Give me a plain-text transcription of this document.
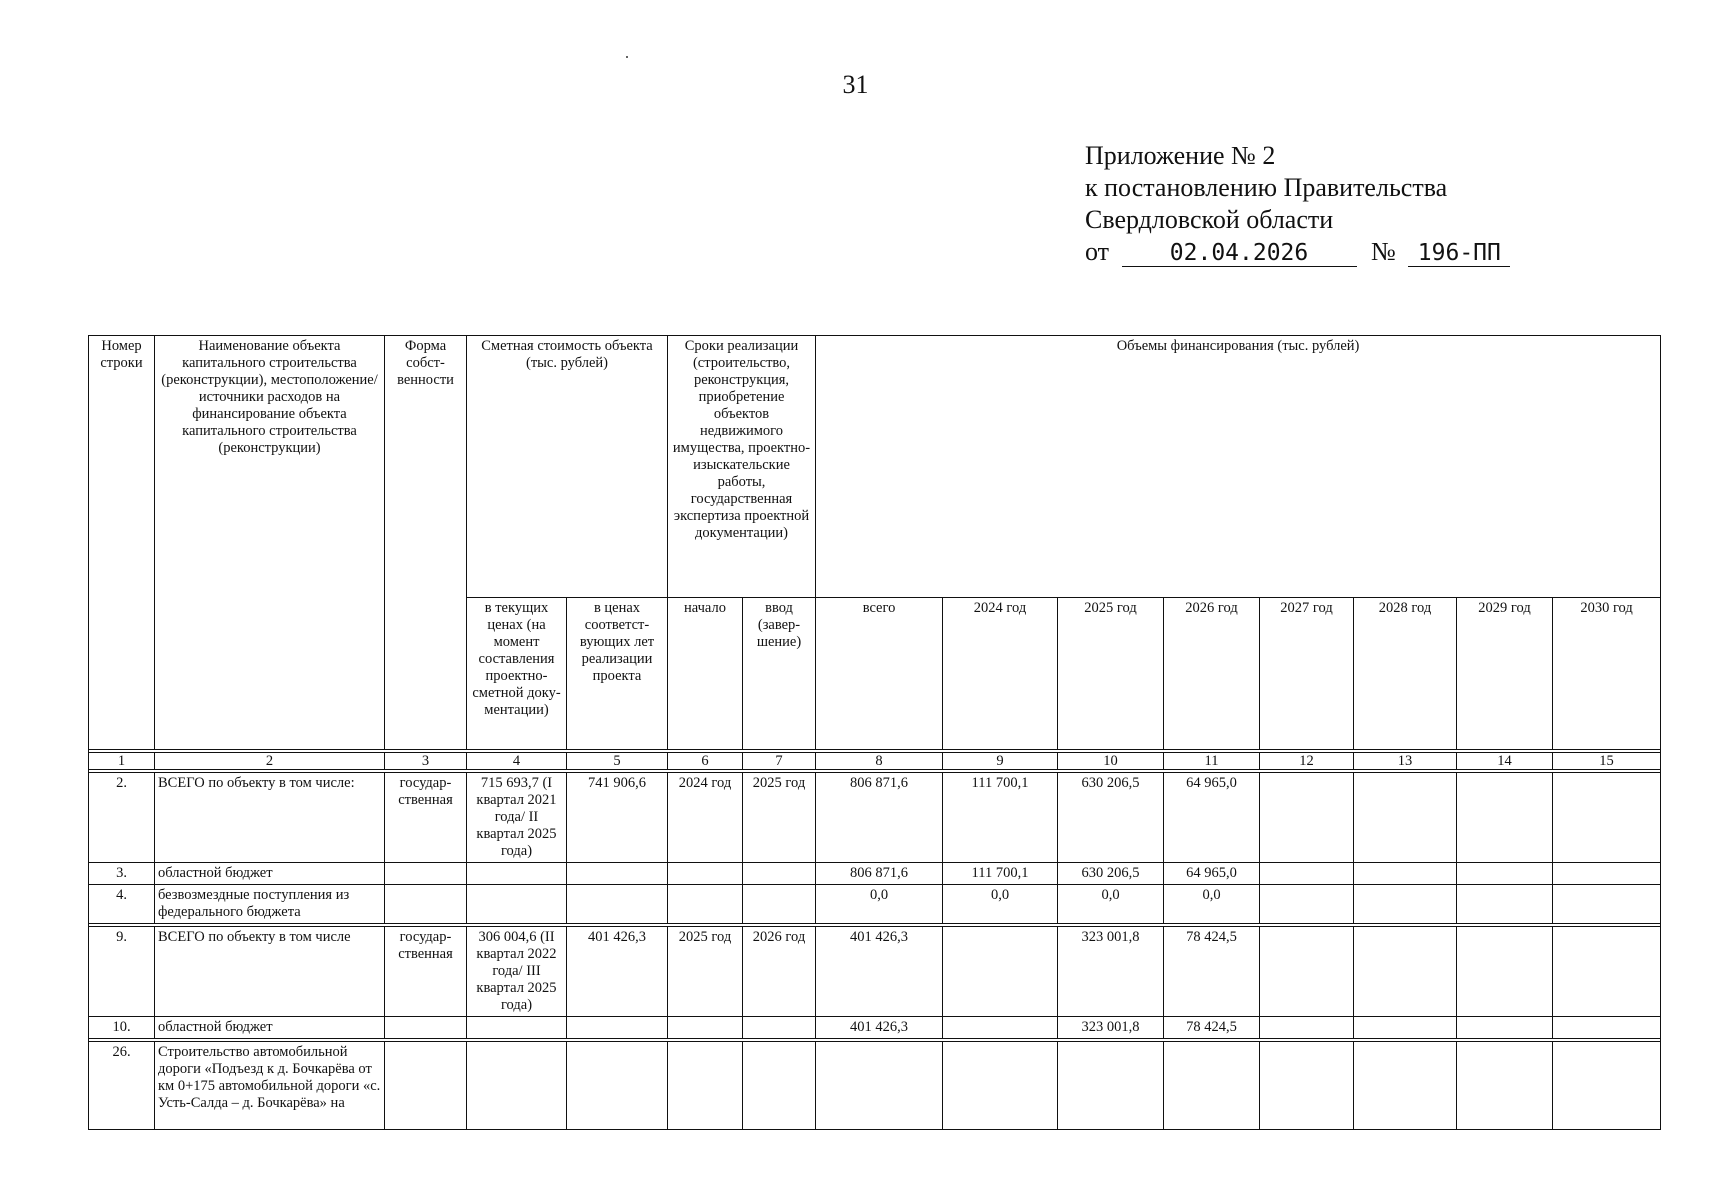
31
Приложение № 2
к постановлению Правительства
Свердловской области
от	02.04.2026 № 196-ПП
Номер строки	Наименование объекта капитального строительства (реконструкции), местоположение/источники расходов на финансирование объекта капитального строительства (реконструкции)	Форма собст-венности	Сметная стоимость объекта (тыс. рублей)		Сроки реализации (строительство, реконструкция, приобретение объектов недвижимого имущества, проектно-изыскательские работы, государственная экспертиза проектной документации)		Объемы финансирования (тыс. рублей)							
			в текущих ценах (на момент составления проектно-сметной доку-ментации)	в ценах соответст-вующих лет реализации проекта	начало	ввод (завер-шение)	всего	2024 год	2025 год	2026 год	2027 год	2028 год	2029 год	2030 год

1	2	3	4	5	6	7	8	9	10	11	12	13	14	15

2.	ВСЕГО по объекту в том числе:	государ-ственная	715 693,7 (I квартал 2021 года/ II квартал 2025 года)	741 906,6	2024 год	2025 год	806 871,6	111 700,1	630 206,5	64 965,0				
3.	областной бюджет						806 871,6	111 700,1	630 206,5	64 965,0				
4.	безвозмездные поступления из федерального бюджета						0,0	0,0	0,0	0,0				

9.	ВСЕГО по объекту в том числе	государ-ственная	306 004,6 (II квартал 2022 года/ III квартал 2025 года)	401 426,3	2025 год	2026 год	401 426,3		323 001,8	78 424,5				
10.	областной бюджет						401 426,3		323 001,8	78 424,5				

26.	Строительство автомобильной дороги «Подъезд к д. Бочкарёва от км 0+175 автомобильной дороги «с. Усть-Салда – д. Бочкарёва» на													
